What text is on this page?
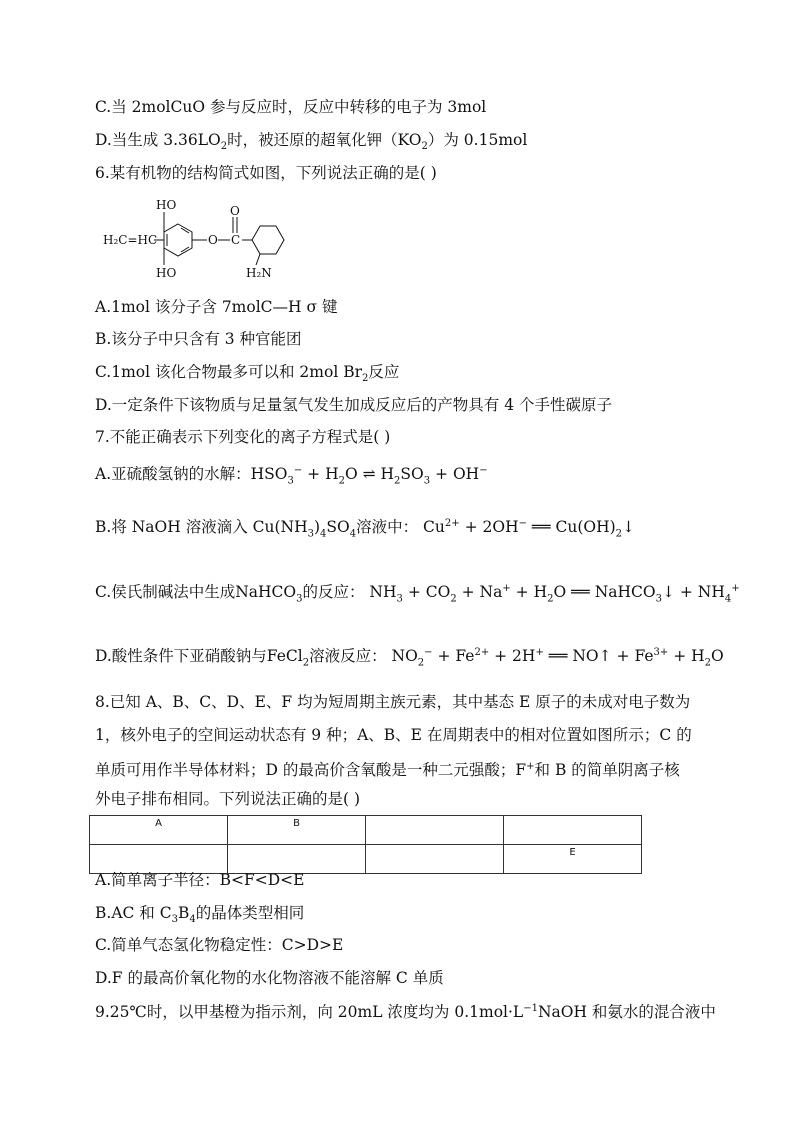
C.当 2molCuO 参与反应时，反应中转移的电子为 3mol
D.当生成 $3.36LO_2$时，被还原的超氧化钾$(KO_2)$为 0.15mol
6.某有机物的结构简式如图，下列说法正确的是( )
HO
HO
H₂C=HC	O C
O
H₂N
A.1mol 该分子含 7molC—H σ 键
B.该分子中只含有 3 种官能团
C.1mol 该化合物最多可以和 2mol $Br_2$反应
D.一定条件下该物质与足量氢气发生加成反应后的产物具有 4 个手性碳原子
7.不能正确表示下列变化的离子方程式是( )
A.亚硫酸氢钠的水解：$HSO_3^- + H_2O$ ⇌ $H_2SO_3 + OH^-$
B.将 NaOH 溶液滴入 $Cu(NH_3)_4SO_4$溶液中： $Cu^{2+} + 2OH^-$ ══ $Cu(OH)_2↓$
C.侯氏制碱法中生成NaHCO$_3$的反应： $NH_3 + CO_2 + Na^+ + H_2O$ ══ NaHCO$_3$↓ + $NH_4^+$
D.酸性条件下亚硝酸钠与FeCl$_2$溶液反应： $NO_2^- + Fe^{2+} + 2H^+$ ══ NO↑ + $Fe^{3+} + H_2O$
8.已知 A、B、C、D、E、F 均为短周期主族元素，其中基态 E 原子的未成对电子数为
1，核外电子的空间运动状态有 9 种；A、B、E 在周期表中的相对位置如图所示；C 的
单质可用作半导体材料；D 的最高价含氧酸是一种二元强酸；F+和 B 的简单阴离子核
外电子排布相同。下列说法正确的是( )
A	B		
			E
A.简单离子半径：B<F<D<E
B.AC 和 $C_3B_4$的晶体类型相同
C.简单气态氢化物稳定性：C>D>E
D.F 的最高价氧化物的水化物溶液不能溶解 C 单质
9.25℃时，以甲基橙为指示剂，向 20mL 浓度均为 $0.1mol\cdot L^{-1}NaOH$ 和氨水的混合液中
